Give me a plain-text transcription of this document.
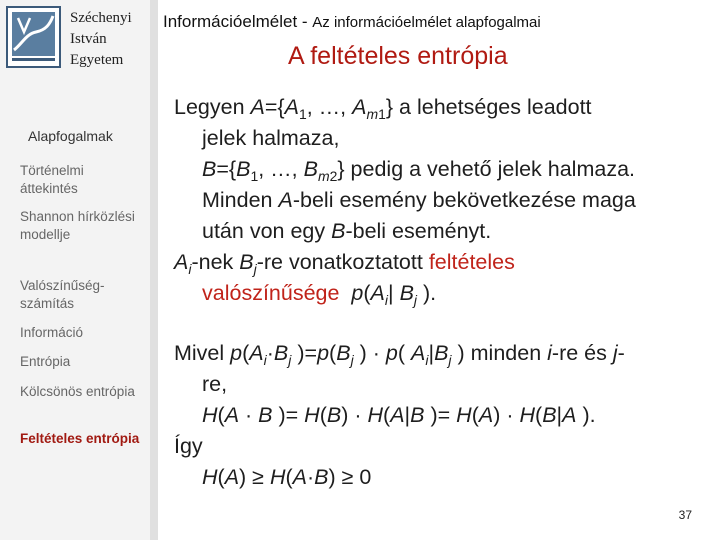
Széchenyi
István
Egyetem
Alapfogalmak
Történelmi áttekintés
Shannon hírközlési modellje
Valószínűség-számítás
Információ
Entrópia
Kölcsönös entrópia
Feltételes entrópia
Információelmélet - Az információelmélet alapfogalmai
A feltételes entrópia

Legyen $A=\{A_1$, …, $A_{m1}$} a lehetséges leadott

jelek halmaza,

$B=\{B_1$, …, $B_{m2}$} pedig a vehető jelek halmaza.

Minden A-beli esemény bekövetkezése maga

után von egy B-beli eseményt.

$A_i$-nek $B_j-re$ vonatkoztatott feltételes

valószínűsége $p(A_i|$ $B_j$ ).

Mivel $p(A_i\cdot B_j$ )$=p(B_j$ ) · p( $A_i|B_j$ ) minden i-re és j-

re,

H(A · B )= H(B) · H(A|B )= H(A) · H(B|A ).

Így

H(A) ≥ H(A·B) ≥ 0

37
